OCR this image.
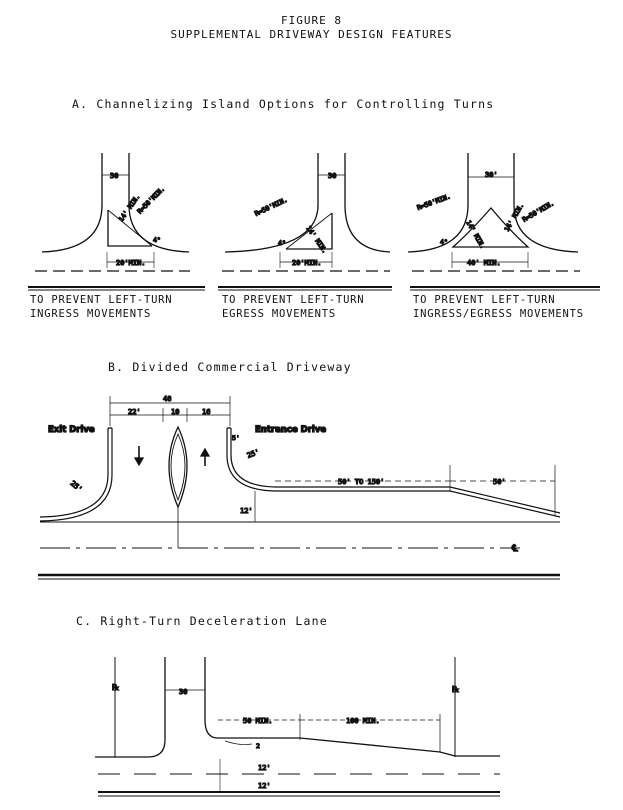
FIGURE 8
SUPPLEMENTAL DRIVEWAY DESIGN FEATURES
A. Channelizing Island Options for Controlling Turns
B. Divided Commercial Driveway
C. Right-Turn Deceleration Lane
TO PREVENT LEFT-TURN
INGRESS MOVEMENTS
TO PREVENT LEFT-TURN
EGRESS MOVEMENTS
TO PREVENT LEFT-TURN
INGRESS/EGRESS MOVEMENTS
30
14' MIN.
R=50'MIN.
4°
20'MIN.
30
R=50'MIN.
14' MIN.
4°
20'MIN.
30'
R=50'MIN.	R=50'MIN.
14' MIN.
14' MIN.
4°
40' MIN.
48
22'	10	16
Exit Drive	Entrance Drive
25'
25'
5'
50' TO 150'	50'
12'
℄
℞	℞
30
50 MIN.	100 MIN.
2
12'
12'
